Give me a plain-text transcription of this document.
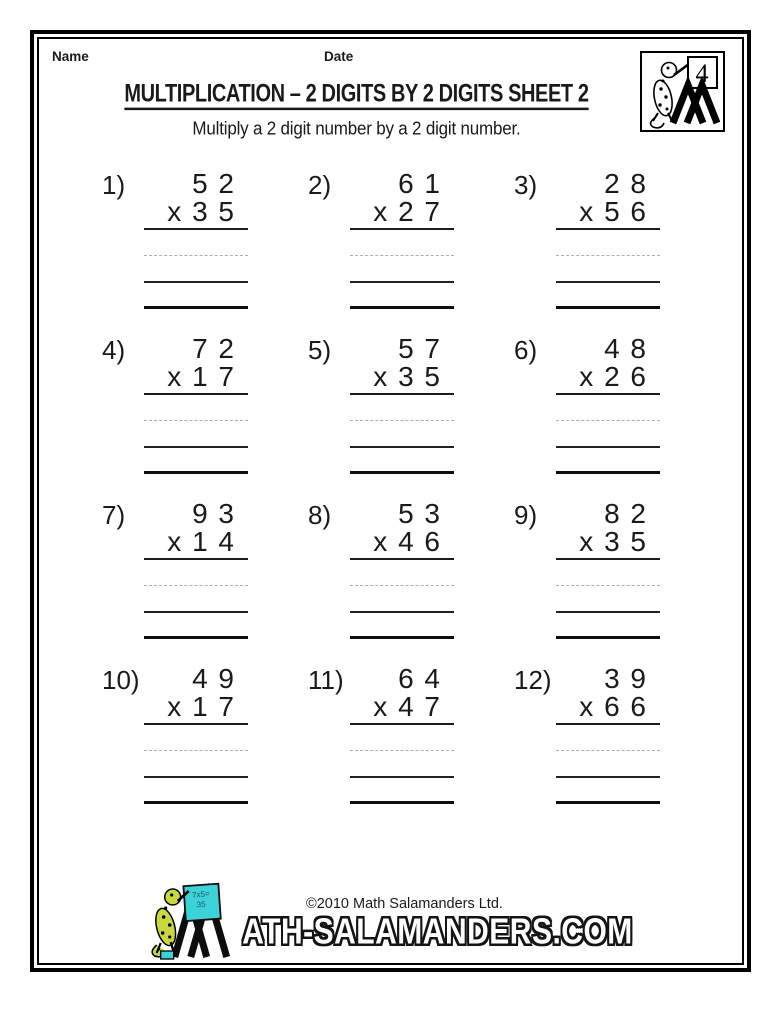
Name	Date
4
MULTIPLICATION – 2 DIGITS BY 2 DIGITS SHEET 2
Multiply a 2 digit number by a 2 digit number.
1)	5 2
x 3 5
2)	6 1
x 2 7
3)	2 8
x 5 6
4)	7 2
x 1 7
5)	5 7
x 3 5
6)	4 8
x 2 6
7)	9 3
x 1 4
8)	5 3
x 4 6
9)	8 2
x 3 5
10)	4 9
x 1 7
11)	6 4
x 4 7
12)	3 9
x 6 6
©2010 Math Salamanders Ltd.
7x5=
35
ATH-SALAMANDERS.COM
